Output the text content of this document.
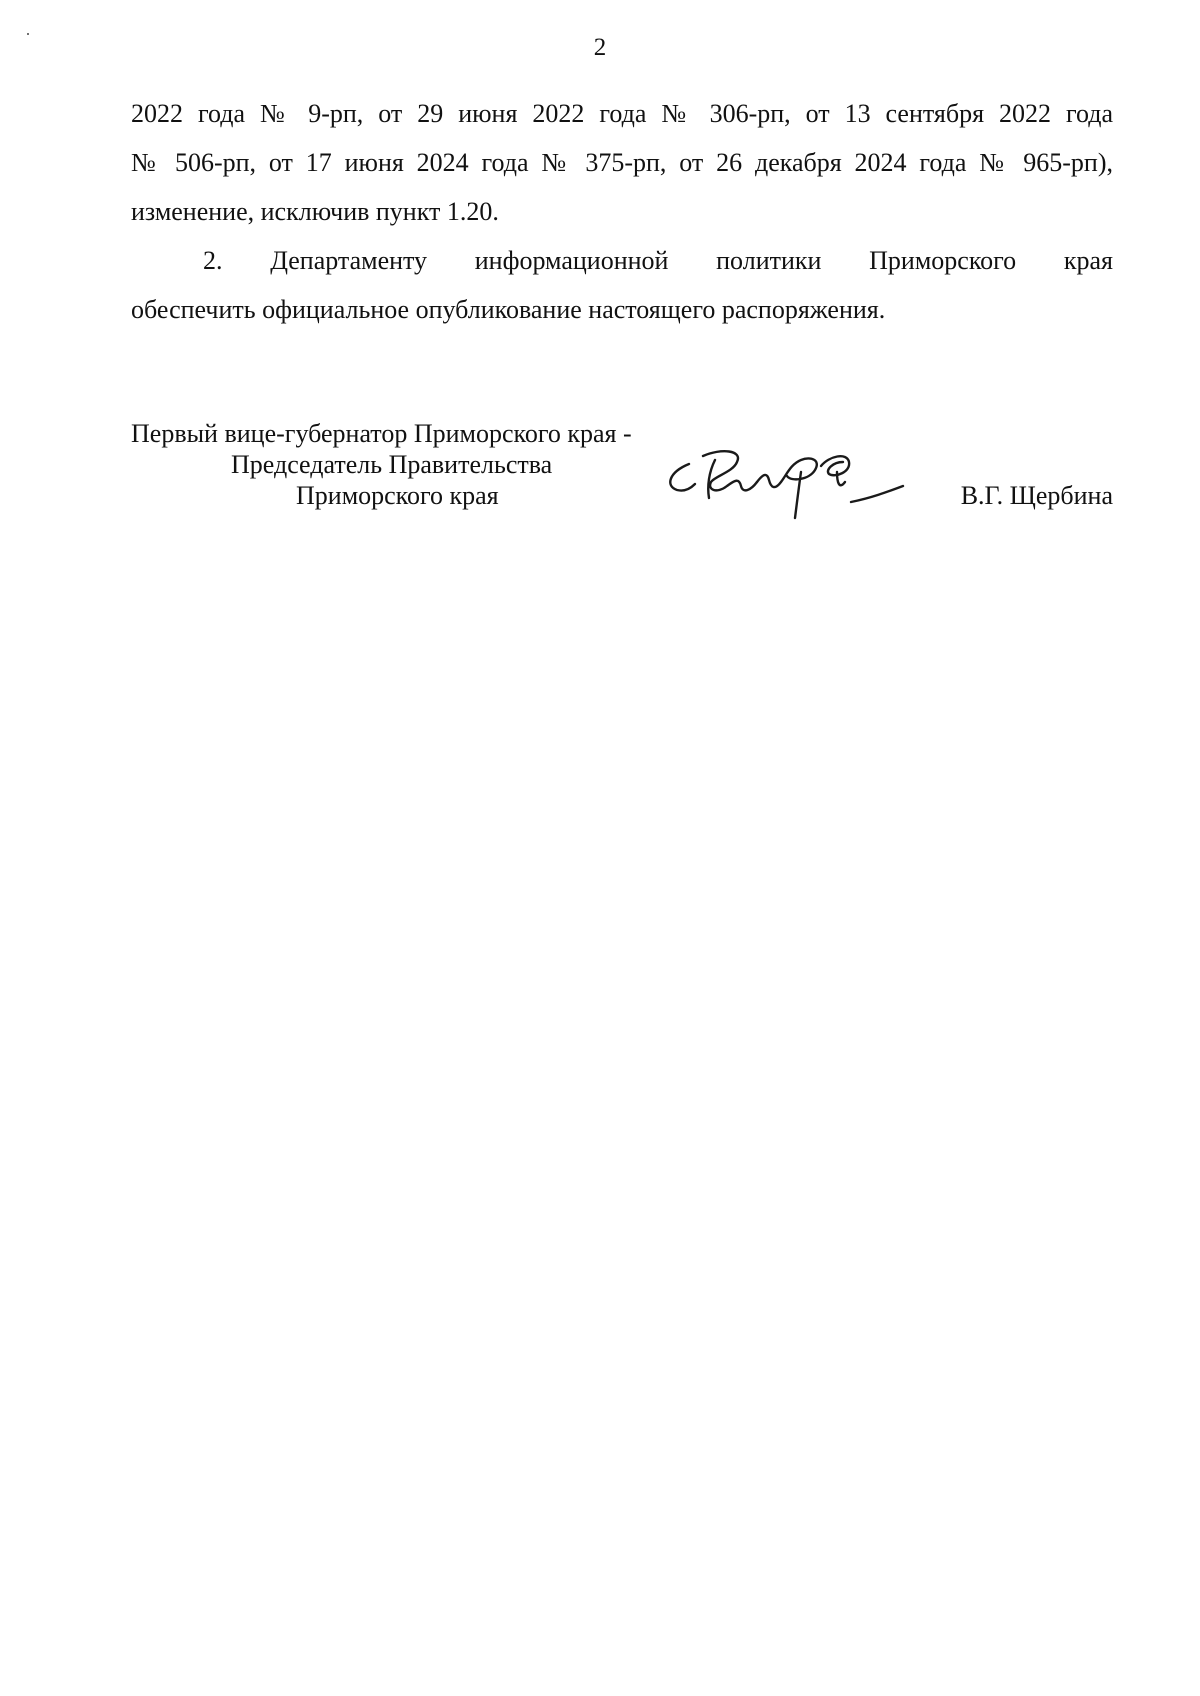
2
2022 года № 9-рп, от 29 июня 2022 года № 306-рп, от 13 сентября 2022 года
№ 506-рп, от 17 июня 2024 года № 375-рп, от 26 декабря 2024 года № 965-рп),
изменение, исключив пункт 1.20.
2. Департаменту информационной политики Приморского края
обеспечить официальное опубликование настоящего распоряжения.
Первый вице-губернатор Приморского края -
Председатель Правительства
Приморского края	В.Г. Щербина
